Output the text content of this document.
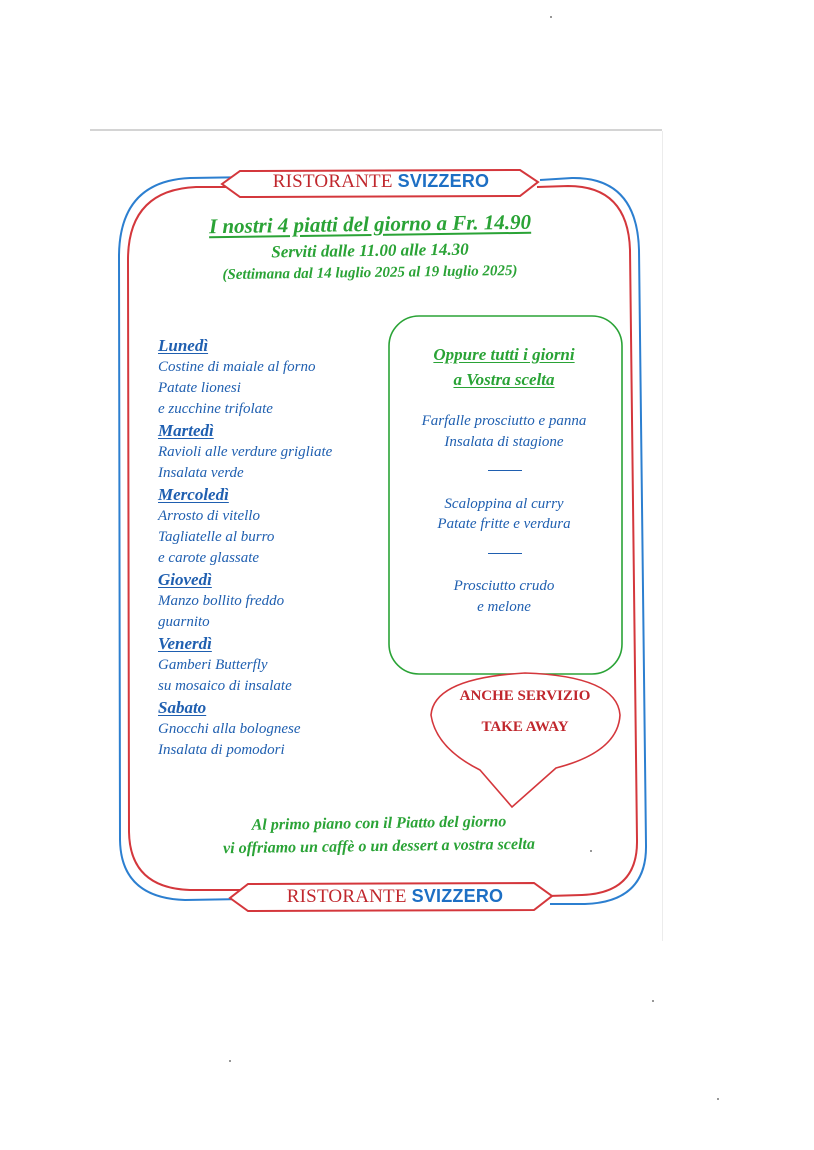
RISTORANTE SVIZZERO
I nostri 4 piatti del giorno a Fr. 14.90
Serviti dalle 11.00 alle 14.30
(Settimana dal 14 luglio 2025 al 19 luglio 2025)
Lunedì
Costine di maiale al forno
Patate lionesi
e zucchine trifolate
Martedì
Ravioli alle verdure grigliate
Insalata verde
Mercoledì
Arrosto di vitello
Tagliatelle al burro
e carote glassate
Giovedì
Manzo bollito freddo
guarnito
Venerdì
Gamberi Butterfly
su mosaico di insalate
Sabato
Gnocchi alla bolognese
Insalata di pomodori
Oppure tutti i giorni
a Vostra scelta
Farfalle prosciutto e panna
Insalata di stagione
Scaloppina al curry
Patate fritte e verdura
Prosciutto crudo
e melone
ANCHE SERVIZIO
TAKE AWAY
Al primo piano con il Piatto del giorno
vi offriamo un caffè o un dessert a vostra scelta
RISTORANTE SVIZZERO
